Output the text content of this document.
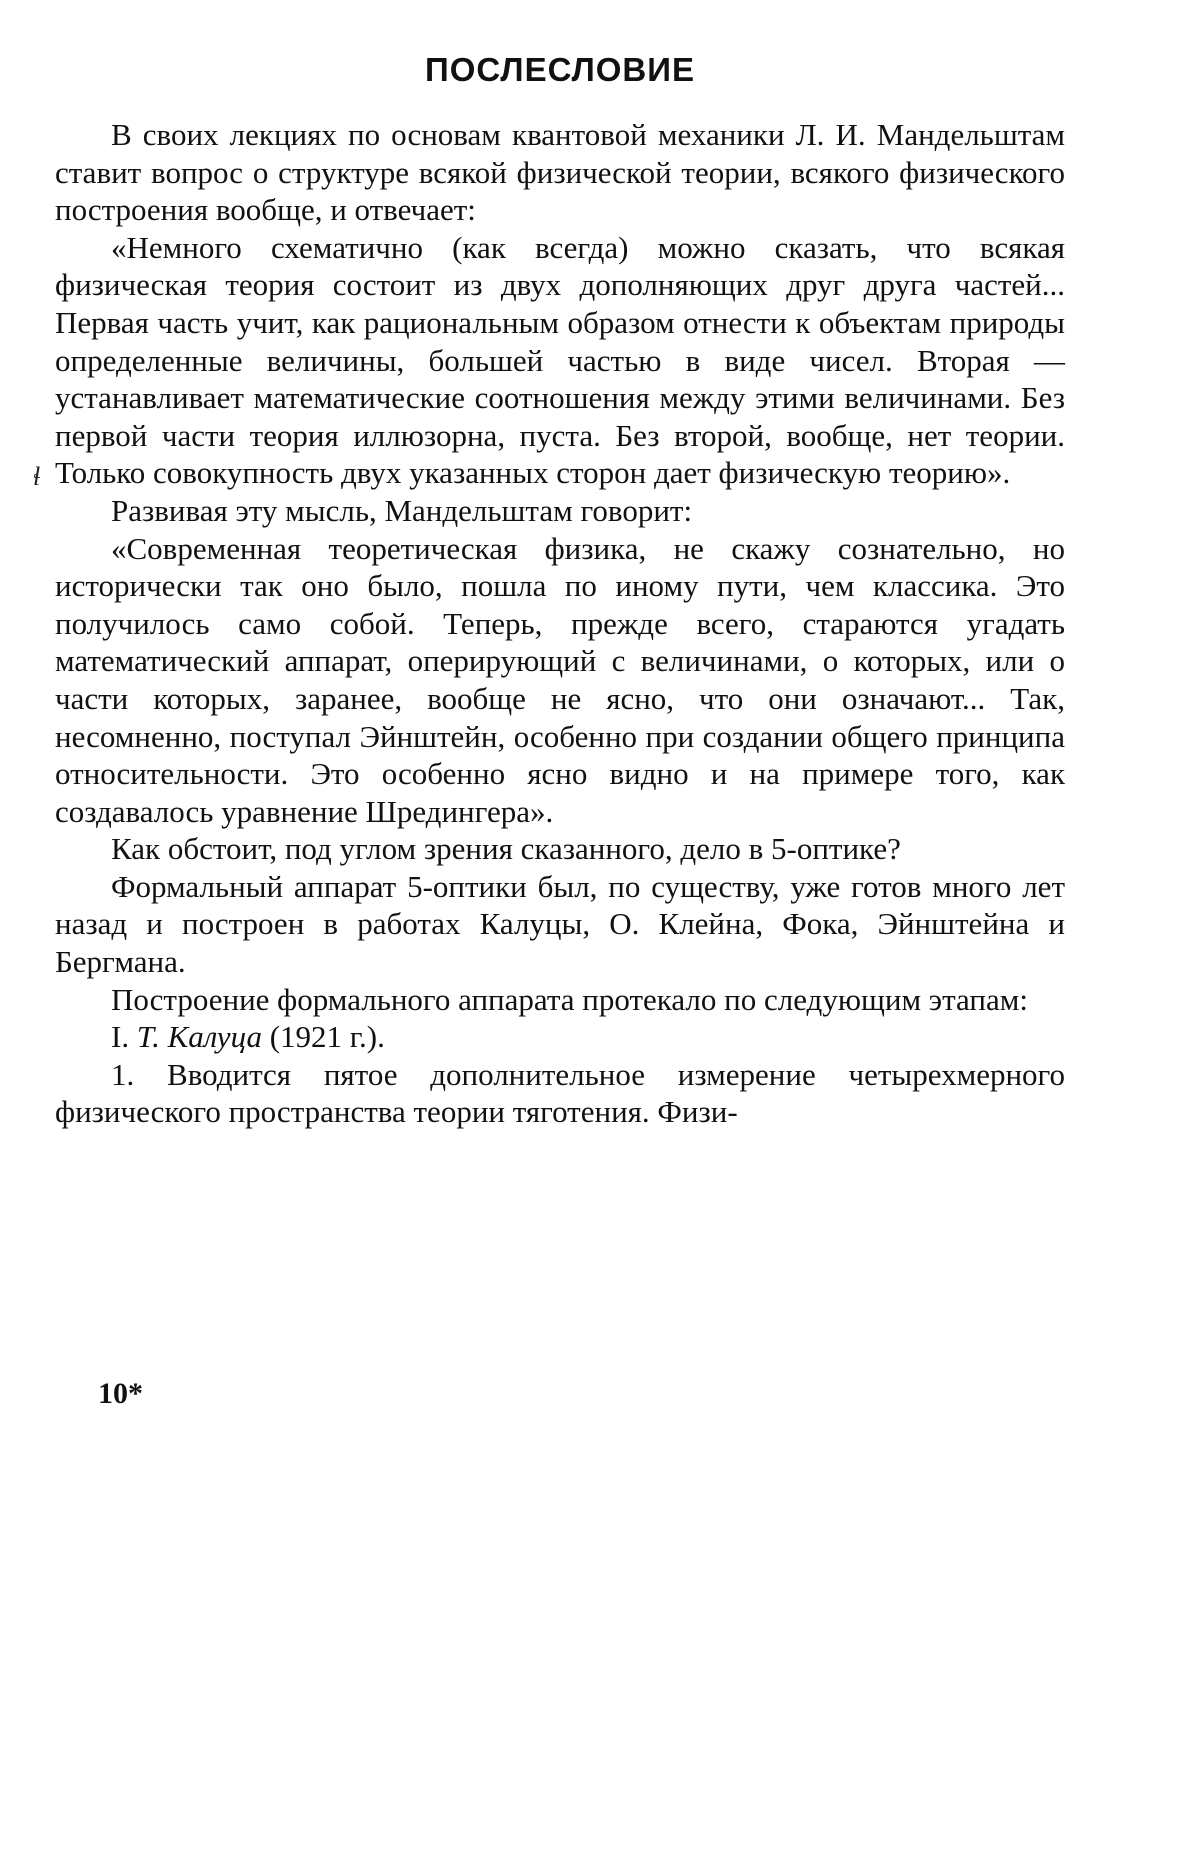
ПОСЛЕСЛОВИЕ

В своих лекциях по основам квантовой механики Л. И. Мандельштам ставит вопрос о структуре всякой физической теории, всякого физического построения вообще, и отвечает:

«Немного схематично (как всегда) можно сказать, что всякая физическая теория состоит из двух дополняющих друг друга частей... Первая часть учит, как рациональным образом отнести к объектам природы определенные величины, большей частью в виде чисел. Вторая — устанавливает математические соотношения между этими величинами. Без первой части теория иллюзорна, пуста. Без второй, вообще, нет теории. Только совокупность двух указанных сторон дает физическую теорию».

Развивая эту мысль, Мандельштам говорит:

«Современная теоретическая физика, не скажу сознательно, но исторически так оно было, пошла по иному пути, чем классика. Это получилось само собой. Теперь, прежде всего, стараются угадать математический аппарат, оперирующий с величинами, о которых, или о части которых, заранее, вообще не ясно, что они означают... Так, несомненно, поступал Эйнштейн, особенно при создании общего принципа относительности. Это особенно ясно видно и на примере того, как создавалось уравнение Шредингера».

Как обстоит, под углом зрения сказанного, дело в 5-оптике?

Формальный аппарат 5-оптики был, по существу, уже готов много лет назад и построен в работах Калуцы, О. Клейна, Фока, Эйнштейна и Бергмана.

Построение формального аппарата протекало по следующим этапам:

I. Т. Калуца (1921 г.).

1. Вводится пятое дополнительное измерение четырехмерного физического пространства теории тяготения. Физи-

ɬ
10*
